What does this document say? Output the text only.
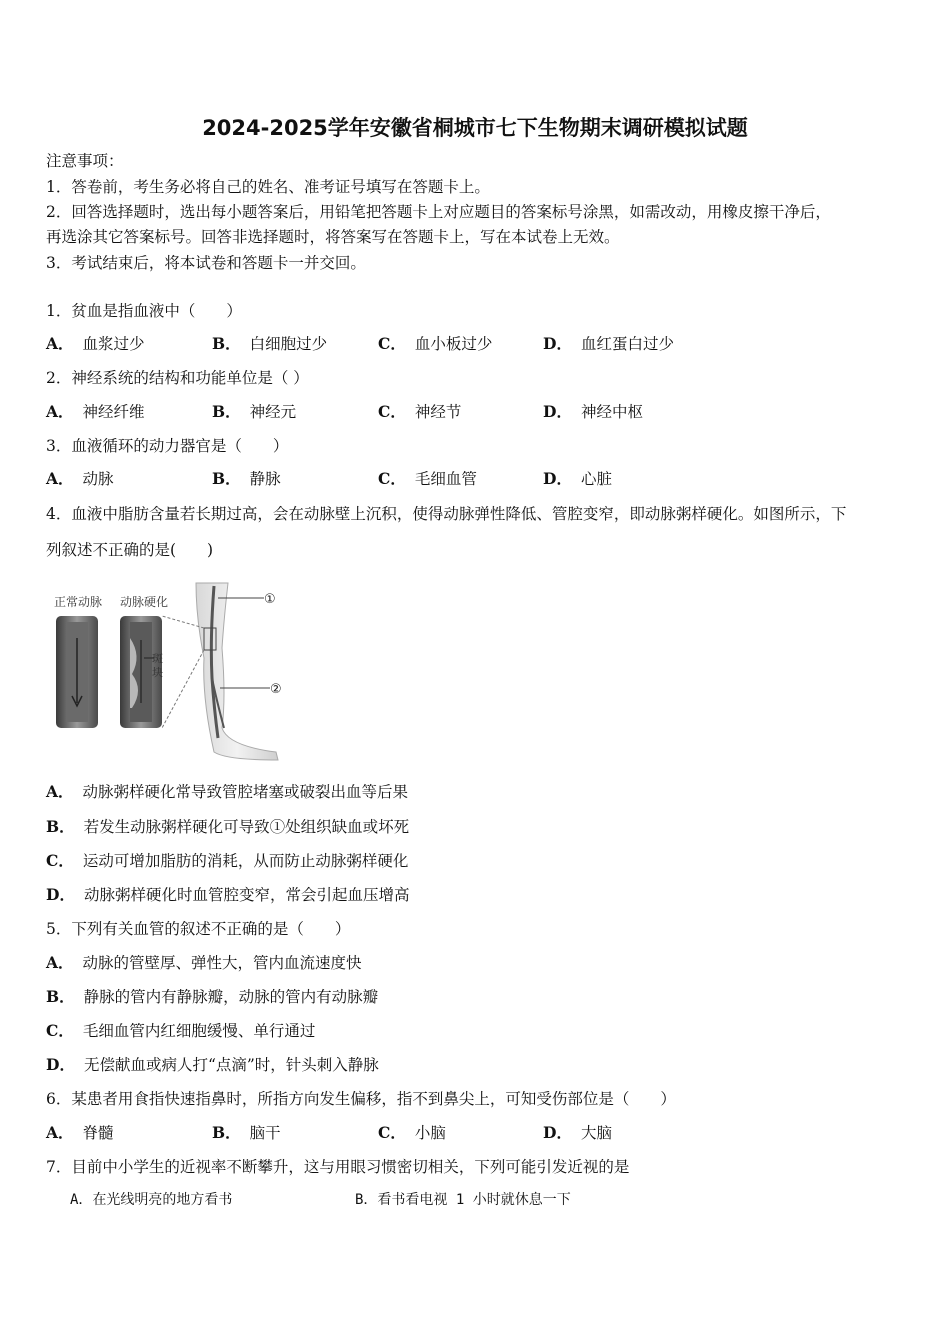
2024-2025学年安徽省桐城市七下生物期末调研模拟试题
注意事项：
1．答卷前，考生务必将自己的姓名、准考证号填写在答题卡上。
2．回答选择题时，选出每小题答案后，用铅笔把答题卡上对应题目的答案标号涂黑，如需改动，用橡皮擦干净后，
再选涂其它答案标号。回答非选择题时，将答案写在答题卡上，写在本试卷上无效。
3．考试结束后，将本试卷和答题卡一并交回。
1．贫血是指血液中（　　）
A． 血浆过少	B． 白细胞过少	C． 血小板过少	D． 血红蛋白过少
2．神经系统的结构和功能单位是（ ）
A． 神经纤维	B． 神经元	C． 神经节	D． 神经中枢
3．血液循环的动力器官是（　　）
A． 动脉	B． 静脉	C． 毛细血管	D． 心脏
4．血液中脂肪含量若长期过高，会在动脉壁上沉积，使得动脉弹性降低、管腔变窄，即动脉粥样硬化。如图所示，下
列叙述不正确的是(　　)
正常动脉 动脉硬化
斑
块
①
②
A． 动脉粥样硬化常导致管腔堵塞或破裂出血等后果
B． 若发生动脉粥样硬化可导致①处组织缺血或坏死
C． 运动可增加脂肪的消耗，从而防止动脉粥样硬化
D． 动脉粥样硬化时血管腔变窄，常会引起血压增高
5．下列有关血管的叙述不正确的是（　　）
A． 动脉的管壁厚、弹性大，管内血流速度快
B． 静脉的管内有静脉瓣，动脉的管内有动脉瓣
C． 毛细血管内红细胞缓慢、单行通过
D． 无偿献血或病人打“点滴”时，针头刺入静脉
6．某患者用食指快速指鼻时，所指方向发生偏移，指不到鼻尖上，可知受伤部位是（　　）
A． 脊髓	B． 脑干	C． 小脑	D． 大脑
7．目前中小学生的近视率不断攀升，这与用眼习惯密切相关，下列可能引发近视的是
A．在光线明亮的地方看书	B．看书看电视 1 小时就休息一下
